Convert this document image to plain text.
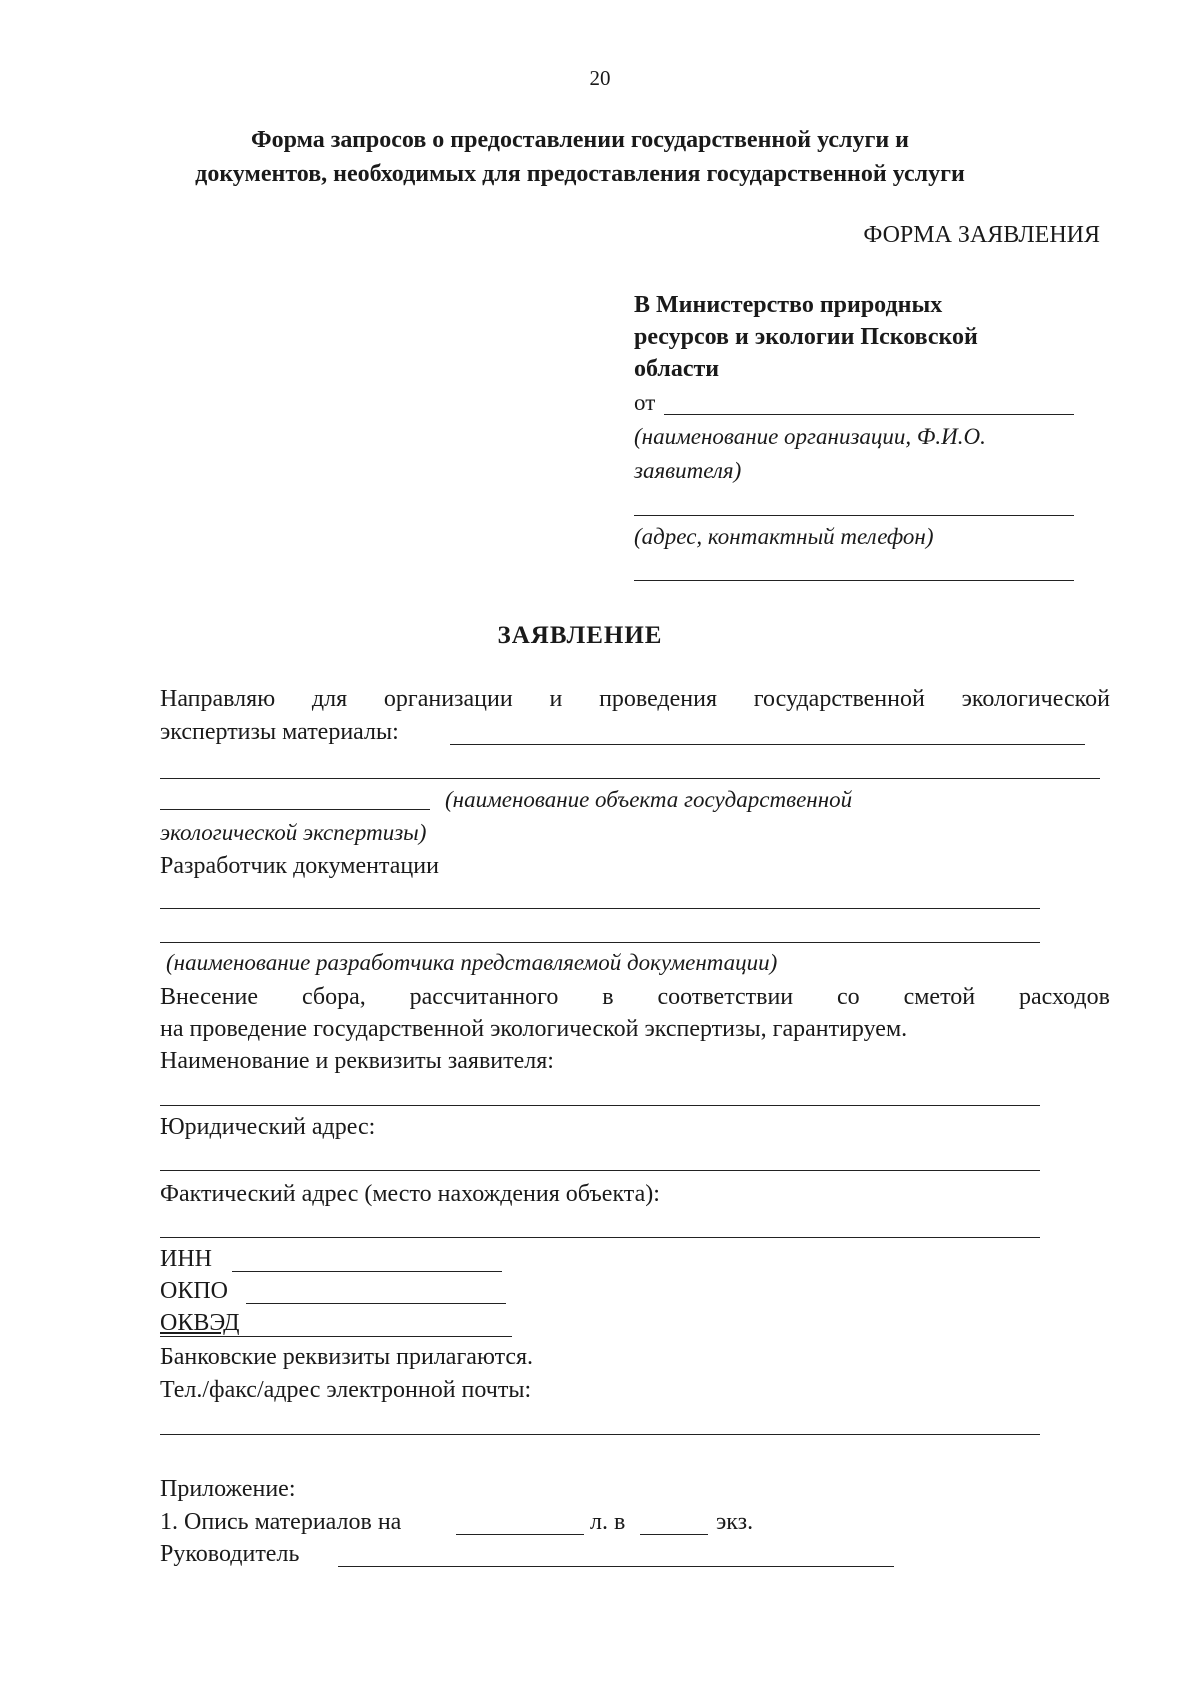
20
Форма запросов о предоставлении государственной услуги и
документов, необходимых для предоставления государственной услуги
ФОРМА ЗАЯВЛЕНИЯ
В Министерство природных
ресурсов и экологии Псковской
области
от
(наименование организации, Ф.И.О.
заявителя)
(адрес, контактный телефон)
ЗАЯВЛЕНИЕ
Направляю для организации и проведения государственной экологической
экспертизы материалы:
(наименование объекта государственной
экологической экспертизы)
Разработчик документации
(наименование разработчика представляемой документации)
Внесение сбора, рассчитанного в соответствии со сметой расходов
на проведение государственной экологической экспертизы, гарантируем.
Наименование и реквизиты заявителя:
Юридический адрес:
Фактический адрес (место нахождения объекта):
ИНН
ОКПО
ОКВЭД
Банковские реквизиты прилагаются.
Тел./факс/адрес электронной почты:
Приложение:
1. Опись материалов на	л. в	экз.
Руководитель
